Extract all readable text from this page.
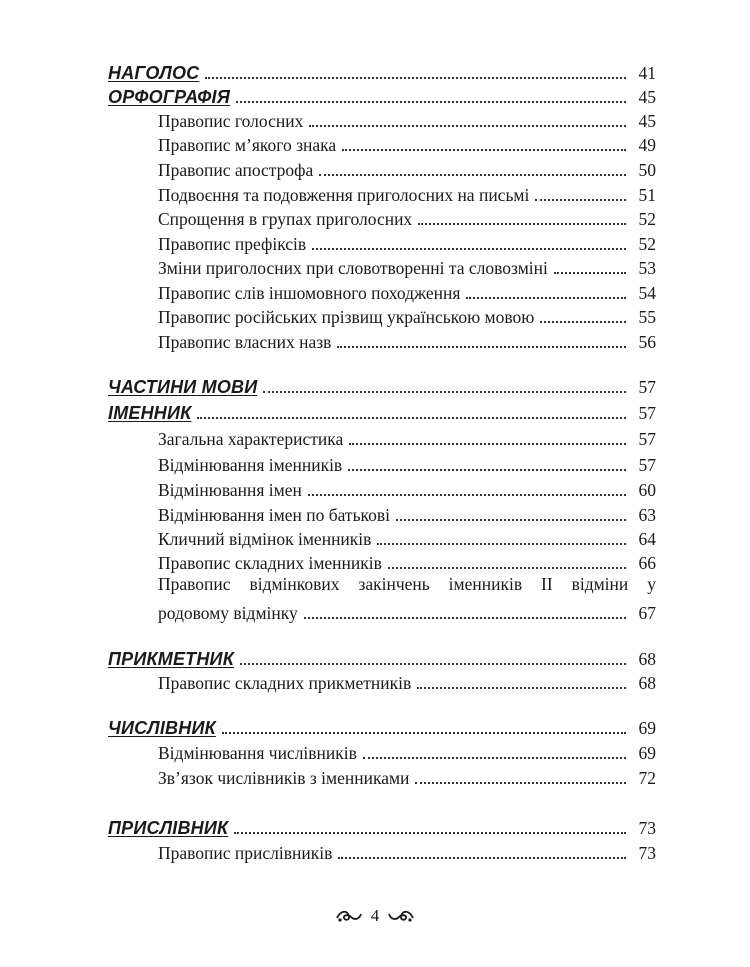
НАГОЛОС	41
ОРФОГРАФІЯ	45
Правопис голосних	45
Правопис м’якого знака	49
Правопис апострофа	50
Подвоєння та подовження приголосних на письмі	51
Спрощення в групах приголосних	52
Правопис префіксів	52
Зміни приголосних при словотворенні та словозміні	53
Правопис слів іншомовного походження	54
Правопис російських прізвищ українською мовою	55
Правопис власних назв	56
ЧАСТИНИ МОВИ	57
ІМЕННИК	57
Загальна характеристика	57
Відмінювання іменників	57
Відмінювання імен	60
Відмінювання імен по батькові	63
Кличний відмінок іменників	64
Правопис складних іменників	66
Правопис відмінкових закінчень іменників II відміни у
родовому відмінку	67
ПРИКМЕТНИК	68
Правопис складних прикметників	68
ЧИСЛІВНИК	69
Відмінювання числівників	69
Зв’язок числівників з іменниками	72
ПРИСЛІВНИК	73
Правопис прислівників	73
4
